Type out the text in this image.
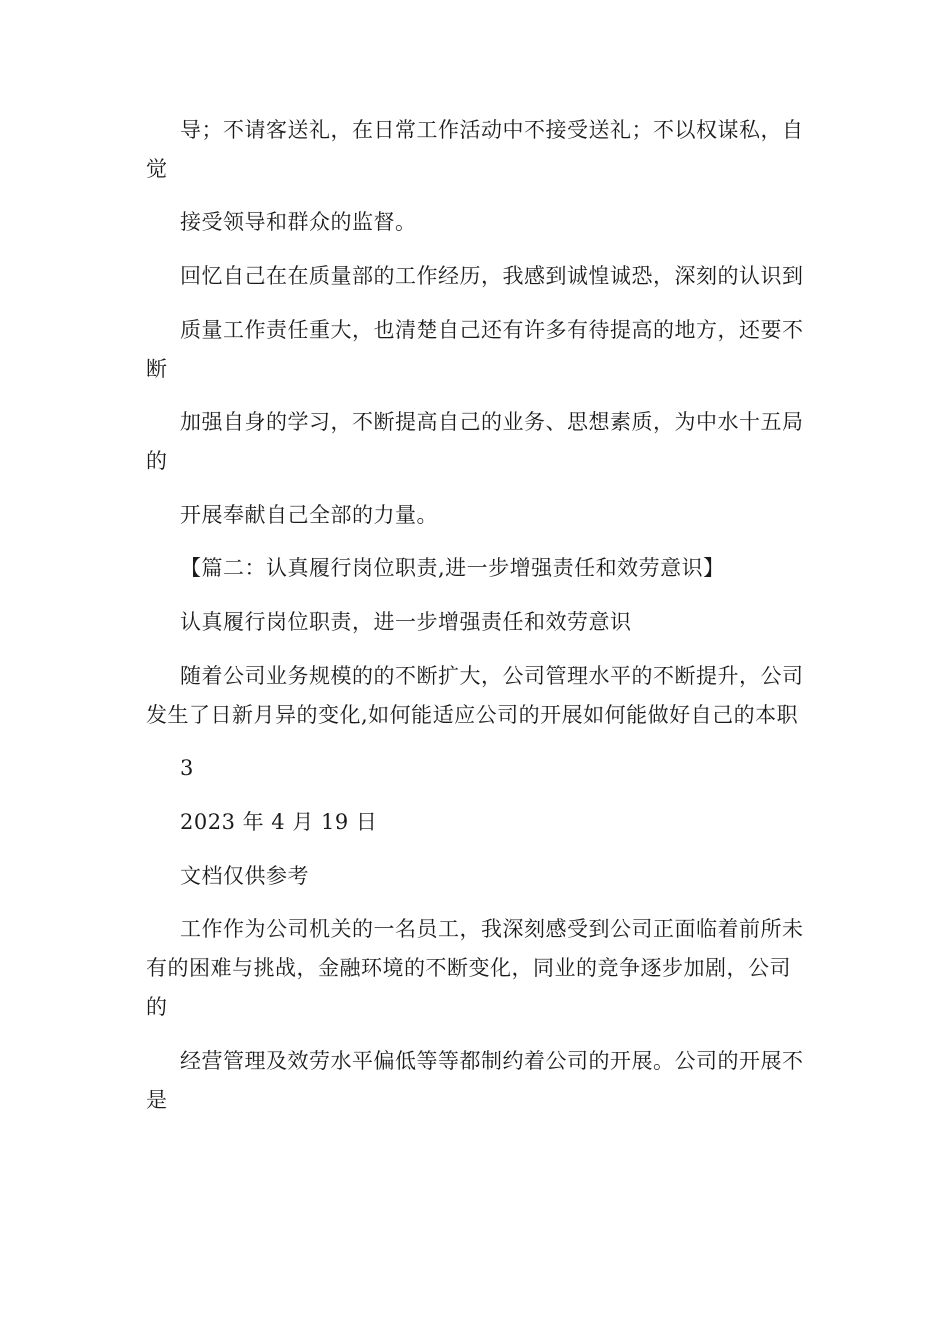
导；不请客送礼，在日常工作活动中不接受送礼；不以权谋私，自
觉
接受领导和群众的监督。
回忆自己在在质量部的工作经历，我感到诚惶诚恐，深刻的认识到
质量工作责任重大，也清楚自己还有许多有待提高的地方，还要不
断
加强自身的学习，不断提高自己的业务、思想素质，为中水十五局
的
开展奉献自己全部的力量。
【篇二：认真履行岗位职责,进一步增强责任和效劳意识】
认真履行岗位职责，进一步增强责任和效劳意识
随着公司业务规模的的不断扩大，公司管理水平的不断提升，公司
发生了日新月异的变化,如何能适应公司的开展如何能做好自己的本职
3
2023 年 4 月 19 日
文档仅供参考
工作作为公司机关的一名员工，我深刻感受到公司正面临着前所未
有的困难与挑战，金融环境的不断变化，同业的竞争逐步加剧，公司
的
经营管理及效劳水平偏低等等都制约着公司的开展。公司的开展不
是
